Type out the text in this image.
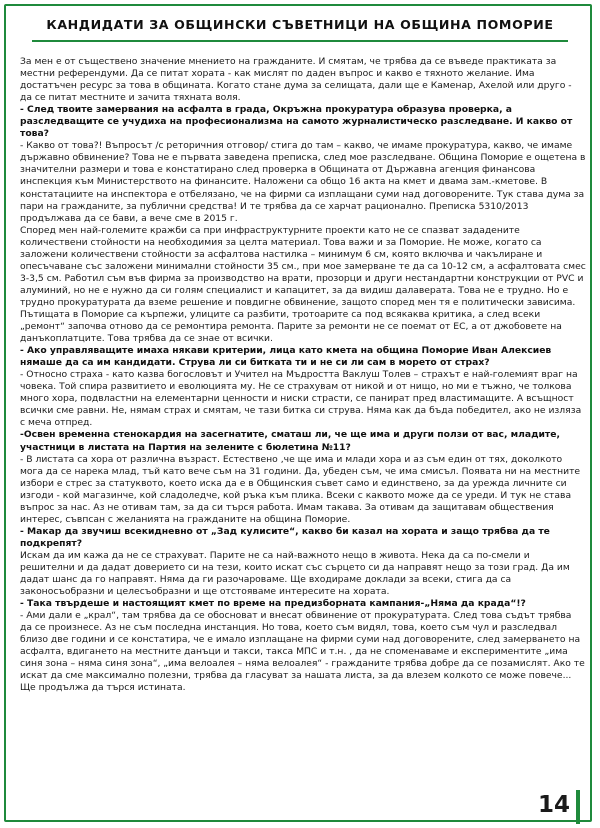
КАНДИДАТИ ЗА ОБЩИНСКИ СЪВЕТНИЦИ НА ОБЩИНА ПОМОРИЕ

За мен е от съществено значение мнението на гражданите. И смятам, че трябва да се въведе практиката за местни референдуми. Да се питат хората - как мислят по даден въпрос и какво е тяхното желание. Има достатъчен ресурс за това в общината. Когато стане дума за селищата, дали ще е Каменар, Ахелой или друго - да се питат местните и зачита тяхната воля.

- След твоите замервания на асфалта в града, Окръжна прокуратура образува проверка, а разследващите се учудиха на професионализма на самото журналистическо разследване. И какво от това?

- Какво от това?! Въпросът /с реторичния отговор/ стига до там – какво, че имаме прокуратура, какво, че имаме държавно обвинение? Това не е първата заведена преписка, след мое разследване. Община Поморие е ощетена в значителни размери и това е констатирано след проверка в Общината от Държавна агенция финансова инспекция към Министерството на финансите. Наложени са общо 16 акта на кмет и двама зам.-кметове. В констатациите на инспектора е отбелязано, че на фирми са изплащани суми над договорените. Тук става дума за пари на гражданите, за публични средства! И те трябва да се харчат рационално. Преписка 5310/2013 продължава да се бави, а вече сме в 2015 г.

Според мен най-големите кражби са при инфраструктурните проекти като не се спазват зададените количествени стойности на необходимия за целта материал. Това важи и за Поморие. Не може, когато са заложени количествени стойности за асфалтова настилка – минимум 6 см, която включва и чакълиране и опесъчаване със заложени минимални стойности 35 см., при мое замерване те да са 10-12 см, а асфалтовата смес 3-3,5 см. Работил съм във фирма за производство на врати, прозорци и други нестандартни конструкции от PVC и алуминий, но не е нужно да си голям специалист и капацитет, за да видиш далаверата. Това не е трудно. Но е трудно прокуратурата да вземе решение и повдигне обвинение, защото според мен тя е политически зависима. Пътищата в Поморие са кърпежи, улиците са разбити, тротоарите са под всякаква критика, а след всеки „ремонт“ започва отново да се ремонтира ремонта. Парите за ремонти не се поемат от ЕС, а от джобовете на данъкоплатците. Това трябва да се знае от всички.

- Ако управляващите имаха някави критерии, лица като кмета на община Поморие Иван Алексиев нямаше да са им кандидати. Струва ли си битката ти и не си ли сам в морето от страх?

- Относно страха - като казва богословът и Учител на Мъдростта Ваклуш Толев – страхът е най-големият враг на човека. Той спира развитието и еволюцията му. Не се страхувам от никой и от нищо, но ми е тъжно, че толкова много хора, подвластни на елементарни ценности и ниски страсти, се панират пред властимащите. А всъщност всички сме равни. Не, нямам страх и смятам, че тази битка си струва. Няма как да бъда победител, ако не излязa с меча отпред.

-Освен временна стенокардия на засегнатите, сматаш ли, че ще има и други ползи от вас, младите, участници в листата на Партия на зелените с бюлетина №11?

- В листата са хора от различна възраст. Естествено ,че ще има и млади хора и аз съм един от тях, доколкото мога да се нарека млад, тъй като вече съм на 31 години. Да, убеден съм, че има смисъл. Появата ни на местните избори е стрес за статуквото, което иска да е в Общинския съвет само и единствено, за да урежда личните си изгоди - кой магазинче, кой сладоледче, кой ръка към плика. Всеки с каквото може да се уреди. И тук не става въпрос за нас. Аз не отивам там, за да си търся работа. Имам такава. За отивам да защитавам обществения интерес, съвпсан с желанията на гражданите на община Поморие.

- Макар да звучиш всекидневно от „Зад кулисите“, какво би казал на хората и защо трябва да те подкрепят?

Искам да им кажа да не се страхуват. Парите не са най-важното нещо в живота. Нека да са по-смели и решителни и да дадат доверието си на тези, които искат със сърцето си да направят нещо за този град. Да им дадат шанс да го направят. Няма да ги разочаровамe. Ще входираме доклади за всеки, стига да са законосъобразни и целесъобразни и ще отстояваме интересите на хората.

- Така твърдеше и настоящият кмет по време на предизборната кампания-„Няма да крада“!?

- Ами дали е „крал“, там трябва да се обоснoват и внесат обвинение от прокуратурата. След това съдът трябва да се произнесе. Аз не съм последна инстанция. Но това, което съм видял, това, което съм чул и разследвал близо две години и се констатира, че е имало изплащане на фирми суми над договорените, след замерването на асфалта, вдигането на местните данъци и такси, такса МПС и т.н. , да не споменаваме и експериментите „има синя зона – няма синя зона“, „има велоалея – няма велоалея“ - гражданите трябва добре да се позамислят. Ако те искат да сме максимално полезни, трябва да гласуват за нашата листа, за да влезем колкото се може повече...

Ще продължа да търся истината.

14
